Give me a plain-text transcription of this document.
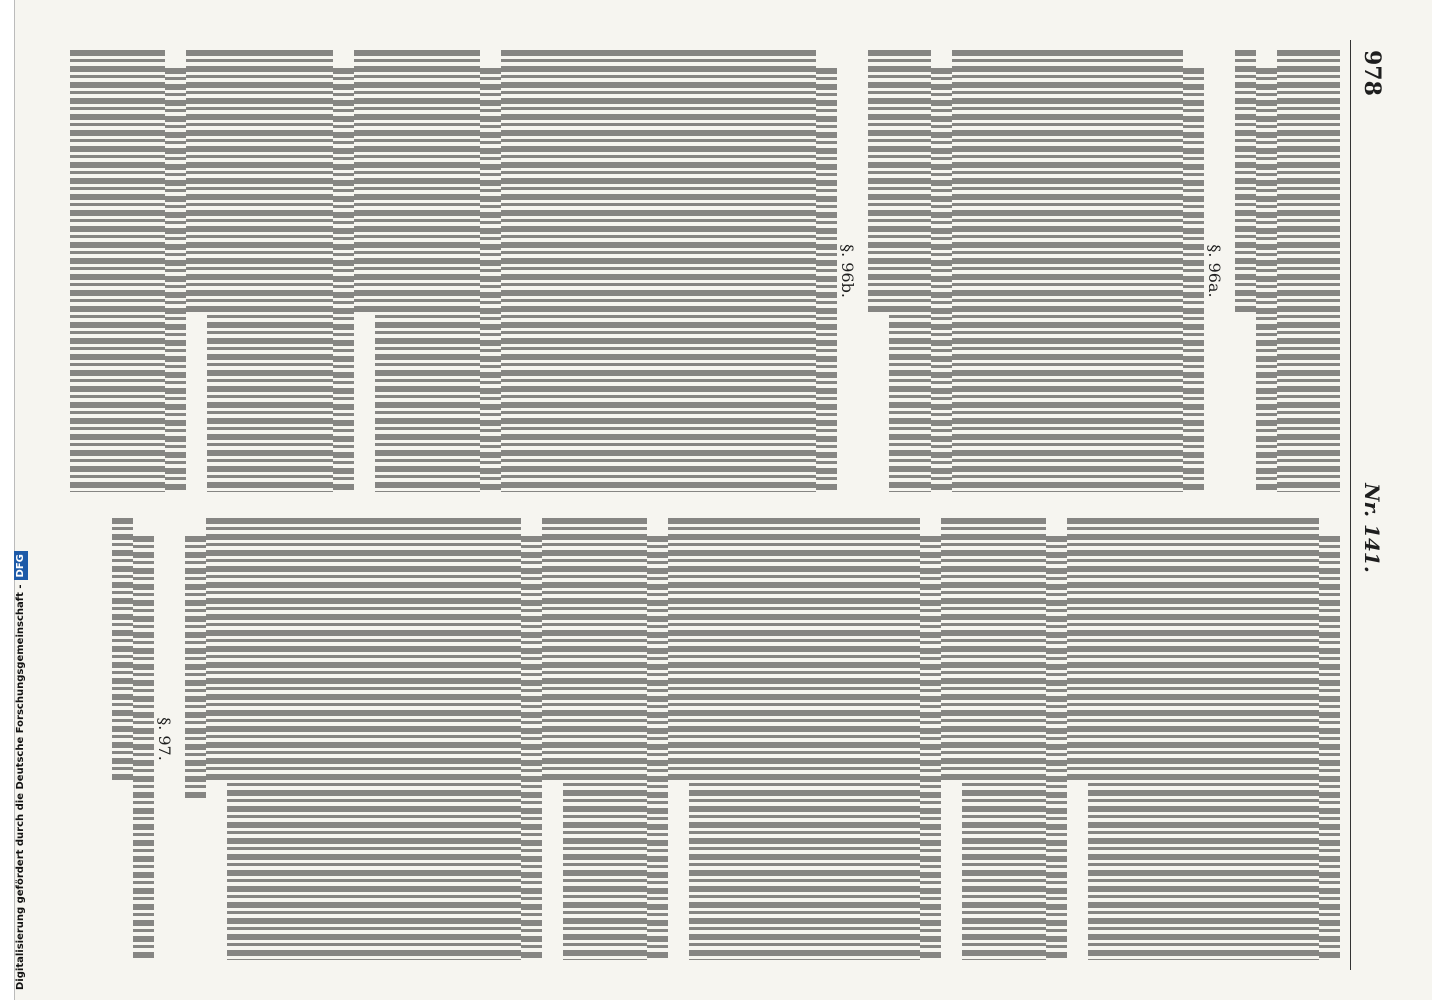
Digitalisierung gefördert durch die Deutsche Forschungsgemeinschaft -DFG
978
Nr. 141.
§. 96a.
§. 96b.
§. 97.
